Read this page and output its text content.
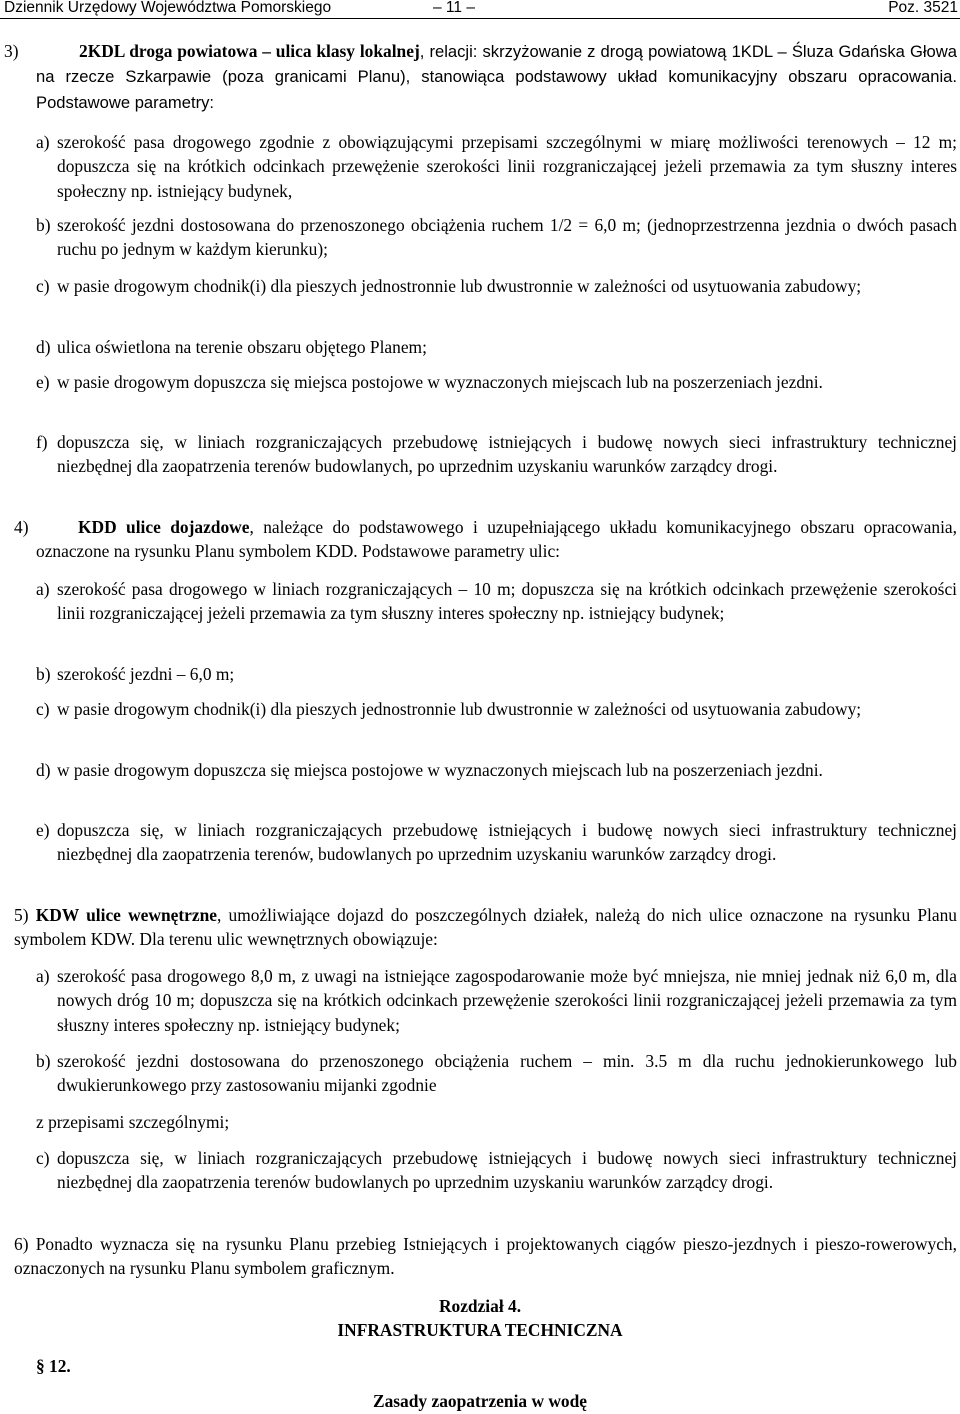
Dziennik Urzędowy Województwa Pomorskiego	– 11 –	Poz. 3521
3)	2KDL droga powiatowa – ulica klasy lokalnej, relacji: skrzyżowanie z drogą powiatową 1KDL – Śluza Gdańska Głowa na rzecze Szkarpawie (poza granicami Planu), stanowiąca podstawowy układ komunikacyjny obszaru opracowania. Podstawowe parametry:
a) szerokość pasa drogowego zgodnie z obowiązującymi przepisami szczególnymi w miarę możliwości terenowych – 12 m; dopuszcza się na krótkich odcinkach przewężenie szerokości linii rozgraniczającej jeżeli przemawia za tym słuszny interes społeczny np. istniejący budynek,
b) szerokość jezdni dostosowana do przenoszonego obciążenia ruchem 1/2 = 6,0 m; (jednoprzestrzenna jezdnia o dwóch pasach ruchu po jednym w każdym kierunku);
c) w pasie drogowym chodnik(i) dla pieszych jednostronnie lub dwustronnie w zależności od usytuowania zabudowy;
d) ulica oświetlona na terenie obszaru objętego Planem;
e) w pasie drogowym dopuszcza się miejsca postojowe w wyznaczonych miejscach lub na poszerzeniach jezdni.
f) dopuszcza się, w liniach rozgraniczających przebudowę istniejących i budowę nowych sieci infrastruktury technicznej niezbędnej dla zaopatrzenia terenów budowlanych, po uprzednim uzyskaniu warunków zarządcy drogi.
4)	KDD ulice dojazdowe, należące do podstawowego i uzupełniającego układu komunikacyjnego obszaru opracowania, oznaczone na rysunku Planu symbolem KDD. Podstawowe parametry ulic:
a) szerokość pasa drogowego w liniach rozgraniczających – 10 m; dopuszcza się na krótkich odcinkach przewężenie szerokości linii rozgraniczającej jeżeli przemawia za tym słuszny interes społeczny np. istniejący budynek;
b) szerokość jezdni – 6,0 m;
c) w pasie drogowym chodnik(i) dla pieszych jednostronnie lub dwustronnie w zależności od usytuowania zabudowy;
d) w pasie drogowym dopuszcza się miejsca postojowe w wyznaczonych miejscach lub na poszerzeniach jezdni.
e) dopuszcza się, w liniach rozgraniczających przebudowę istniejących i budowę nowych sieci infrastruktury technicznej niezbędnej dla zaopatrzenia terenów, budowlanych po uprzednim uzyskaniu warunków zarządcy drogi.
5) KDW ulice wewnętrzne, umożliwiające dojazd do poszczególnych działek, należą do nich ulice oznaczone na rysunku Planu symbolem KDW. Dla terenu ulic wewnętrznych obowiązuje:
a) szerokość pasa drogowego 8,0 m, z uwagi na istniejące zagospodarowanie może być mniejsza, nie mniej jednak niż 6,0 m, dla nowych dróg 10 m; dopuszcza się na krótkich odcinkach przewężenie szerokości linii rozgraniczającej jeżeli przemawia za tym słuszny interes społeczny np. istniejący budynek;
b) szerokość jezdni dostosowana do przenoszonego obciążenia ruchem – min. 3.5 m dla ruchu jednokierunkowego lub dwukierunkowego przy zastosowaniu mijanki zgodnie
z przepisami szczególnymi;
c) dopuszcza się, w liniach rozgraniczających przebudowę istniejących i budowę nowych sieci infrastruktury technicznej niezbędnej dla zaopatrzenia terenów budowlanych po uprzednim uzyskaniu warunków zarządcy drogi.
6) Ponadto wyznacza się na rysunku Planu przebieg Istniejących i projektowanych ciągów pieszo-jezdnych i pieszo-rowerowych, oznaczonych na rysunku Planu symbolem graficznym.
Rozdział 4.
INFRASTRUKTURA TECHNICZNA
§ 12.
Zasady zaopatrzenia w wodę
